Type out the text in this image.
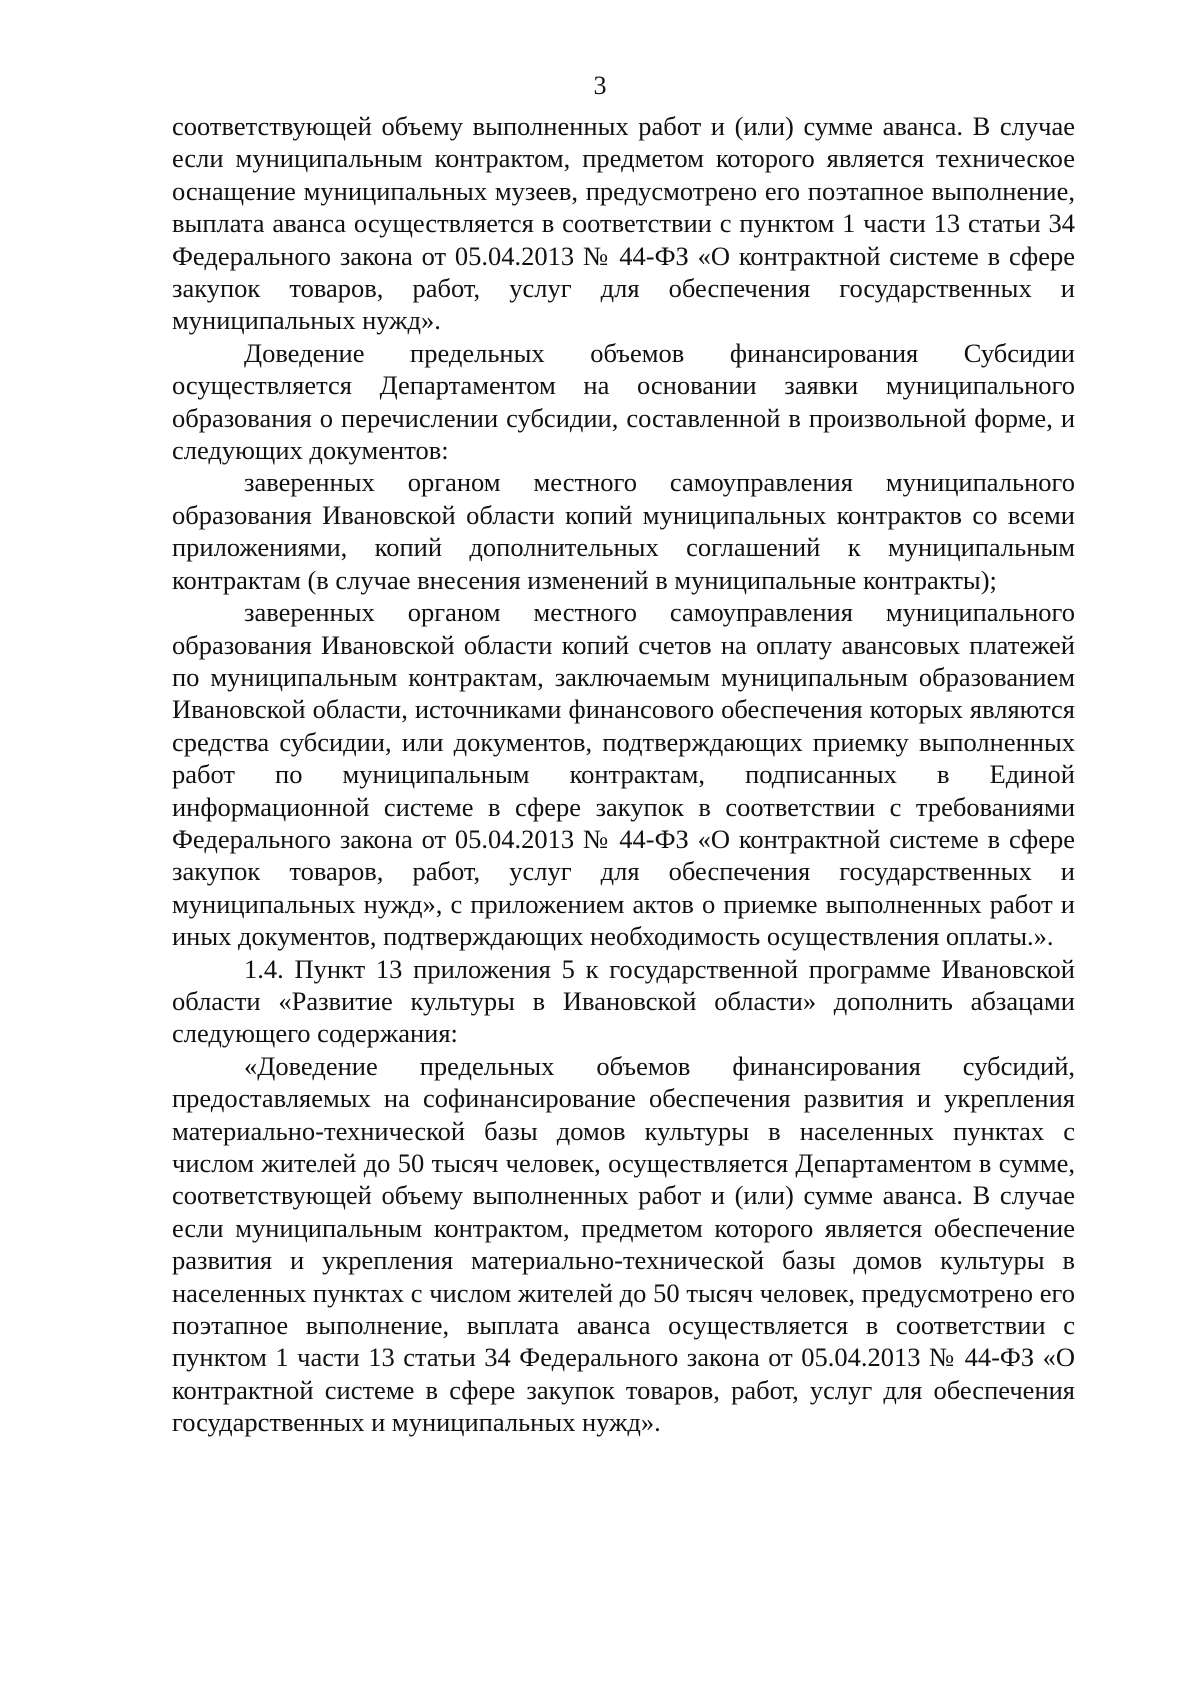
3

соответствующей объему выполненных работ и (или) сумме аванса. В случае если муниципальным контрактом, предметом которого является техническое оснащение муниципальных музеев, предусмотрено его поэтапное выполнение, выплата аванса осуществляется в соответствии с пунктом 1 части 13 статьи 34 Федерального закона от 05.04.2013 № 44-ФЗ «О контрактной системе в сфере закупок товаров, работ, услуг для обеспечения государственных и муниципальных нужд».

Доведение предельных объемов финансирования Субсидии осуществляется Департаментом на основании заявки муниципального образования о перечислении субсидии, составленной в произвольной форме, и следующих документов:

заверенных органом местного самоуправления муниципального образования Ивановской области копий муниципальных контрактов со всеми приложениями, копий дополнительных соглашений к муниципальным контрактам (в случае внесения изменений в муниципальные контракты);

заверенных органом местного самоуправления муниципального образования Ивановской области копий счетов на оплату авансовых платежей по муниципальным контрактам, заключаемым муниципальным образованием Ивановской области, источниками финансового обеспечения которых являются средства субсидии, или документов, подтверждающих приемку выполненных работ по муниципальным контрактам, подписанных в Единой информационной системе в сфере закупок в соответствии с требованиями Федерального закона от 05.04.2013 № 44-ФЗ «О контрактной системе в сфере закупок товаров, работ, услуг для обеспечения государственных и муниципальных нужд», с приложением актов о приемке выполненных работ и иных документов, подтверждающих необходимость осуществления оплаты.».

1.4. Пункт 13 приложения 5 к государственной программе Ивановской области «Развитие культуры в Ивановской области» дополнить абзацами следующего содержания:

«Доведение предельных объемов финансирования субсидий, предоставляемых на софинансирование обеспечения развития и укрепления материально-технической базы домов культуры в населенных пунктах с числом жителей до 50 тысяч человек, осуществляется Департаментом в сумме, соответствующей объему выполненных работ и (или) сумме аванса. В случае если муниципальным контрактом, предметом которого является обеспечение развития и укрепления материально-технической базы домов культуры в населенных пунктах с числом жителей до 50 тысяч человек, предусмотрено его поэтапное выполнение, выплата аванса осуществляется в соответствии с пунктом 1 части 13 статьи 34 Федерального закона от 05.04.2013 № 44-ФЗ «О контрактной системе в сфере закупок товаров, работ, услуг для обеспечения государственных и муниципальных нужд».
